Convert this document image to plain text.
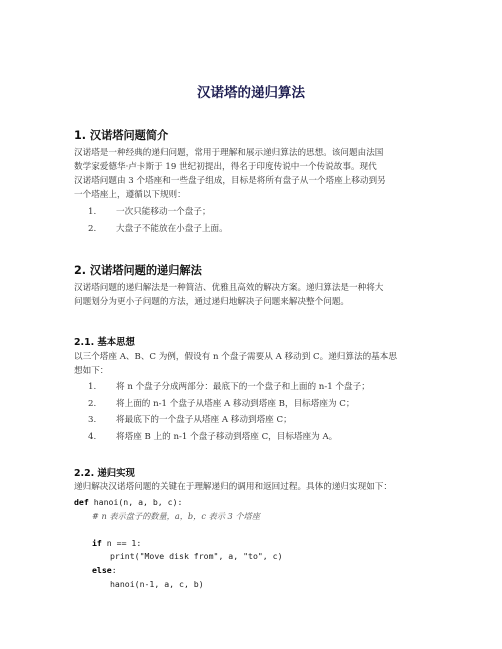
汉诺塔的递归算法
1. 汉诺塔问题简介

汉诺塔是一种经典的递归问题，常用于理解和展示递归算法的思想。该问题由法国
数学家爱德华·卢卡斯于 19 世纪初提出，得名于印度传说中一个传说故事。现代
汉诺塔问题由 3 个塔座和一些盘子组成，目标是将所有盘子从一个塔座上移动到另
一个塔座上，遵循以下规则：

1. 一次只能移动一个盘子；
2. 大盘子不能放在小盘子上面。
2. 汉诺塔问题的递归解法

汉诺塔问题的递归解法是一种简洁、优雅且高效的解决方案。递归算法是一种将大
问题划分为更小子问题的方法，通过递归地解决子问题来解决整个问题。

2.1. 基本思想

以三个塔座 A、B、C 为例，假设有 n 个盘子需要从 A 移动到 C。递归算法的基本思
想如下：

1. 将 n 个盘子分成两部分：最底下的一个盘子和上面的 n-1 个盘子；
2. 将上面的 n-1 个盘子从塔座 A 移动到塔座 B，目标塔座为 C；
3. 将最底下的一个盘子从塔座 A 移动到塔座 C；
4. 将塔座 B 上的 n-1 个盘子移动到塔座 C，目标塔座为 A。
2.2. 递归实现

递归解决汉诺塔问题的关键在于理解递归的调用和返回过程。具体的递归实现如下：

def hanoi(n, a, b, c):
# n 表示盘子的数量，a，b，c 表示 3 个塔座

if n == 1:
print("Move disk from", a, "to", c)
else:
hanoi(n-1, a, c, b)
